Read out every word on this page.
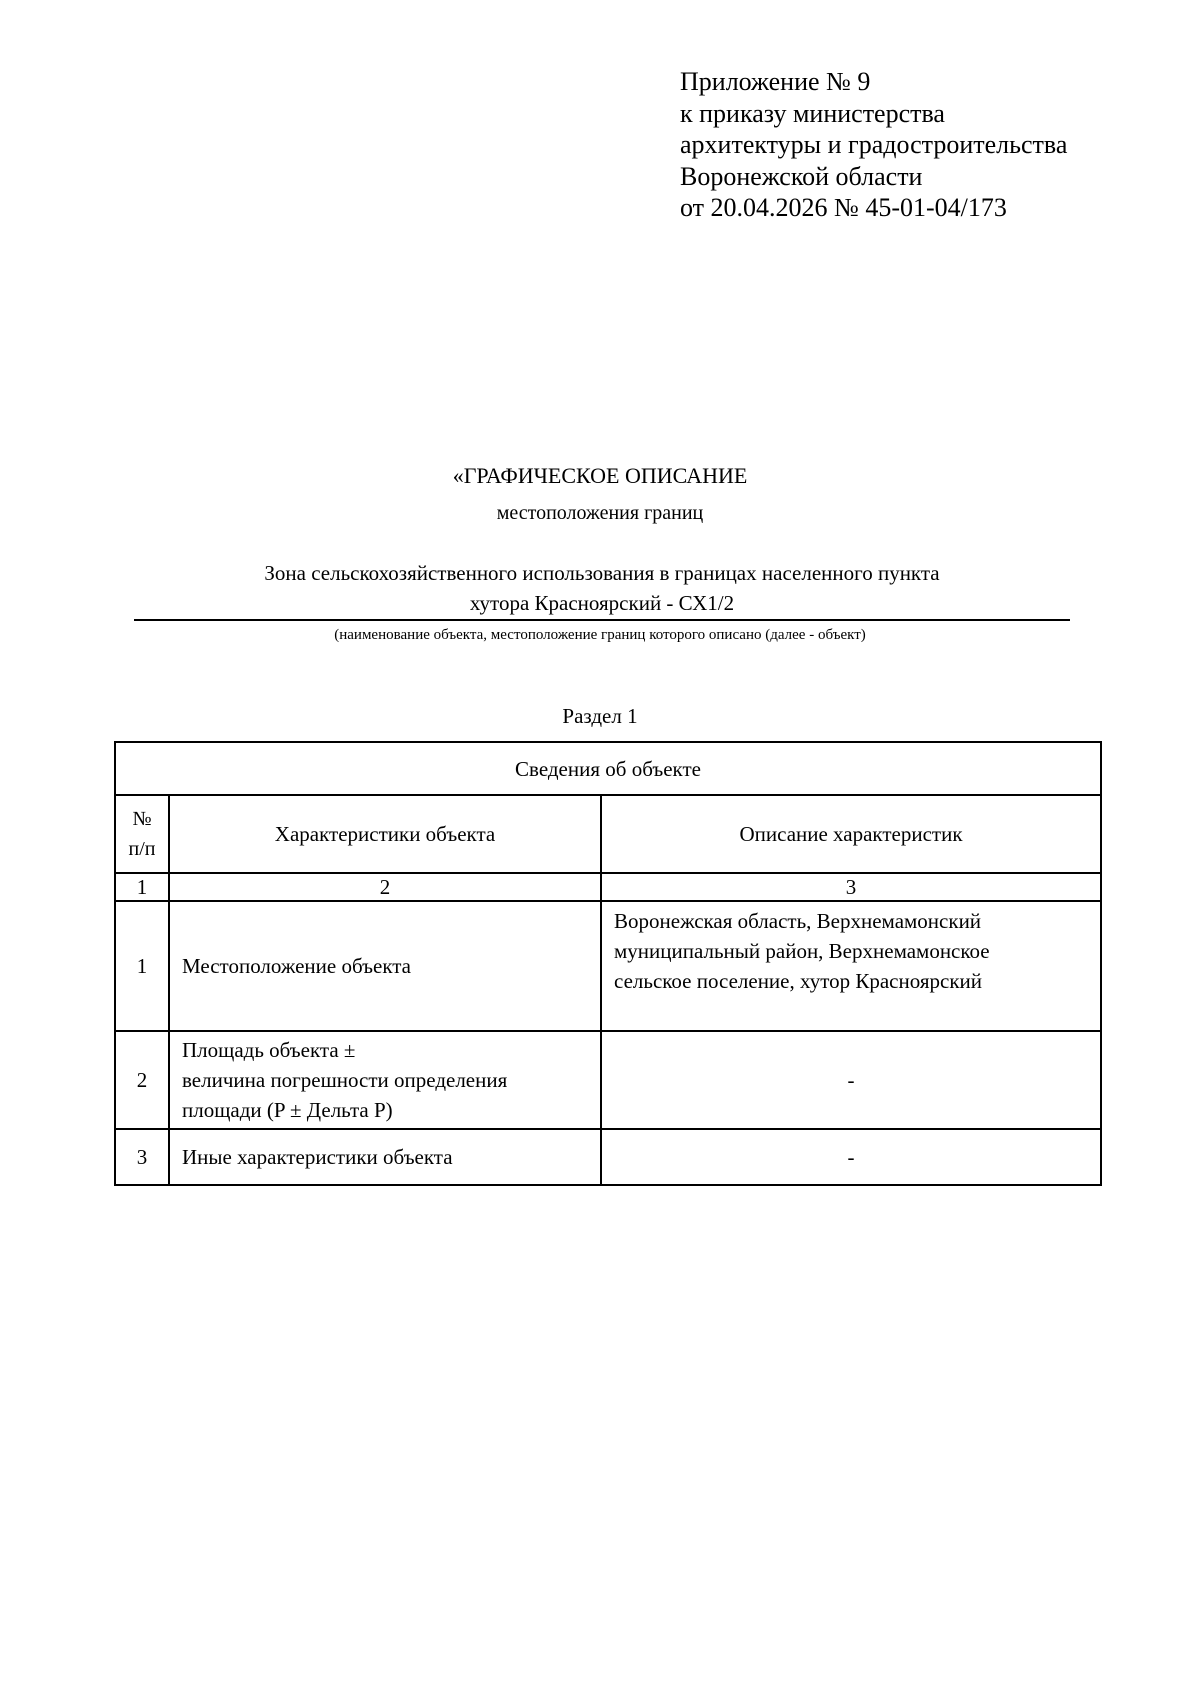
Приложение № 9
к приказу министерства
архитектуры и градостроительства
Воронежской области
от 20.04.2026 № 45-01-04/173
«ГРАФИЧЕСКОЕ ОПИСАНИЕ
местоположения границ
Зона сельскохозяйственного использования в границах населенного пункта
хутора Красноярский - СХ1/2
(наименование объекта, местоположение границ которого описано (далее - объект)
Раздел 1
Сведения об объекте		

№
п/п	Характеристики объекта	Описание характеристик
1	2	3
1	Местоположение объекта	Воронежская область, Верхнемамонский
муниципальный район, Верхнемамонское
сельское поселение, хутор Красноярский

2	Площадь объекта ±
величина погрешности определения
площади (P ± Дельта P)	-

3	Иные характеристики объекта	-
